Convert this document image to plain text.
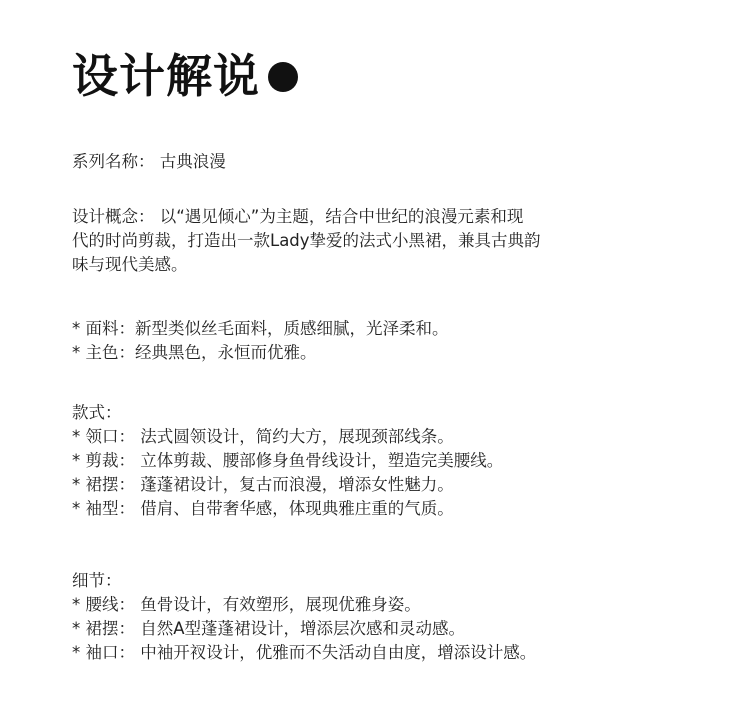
设计解说
系列名称： 古典浪漫
设计概念： 以“遇见倾心”为主题，结合中世纪的浪漫元素和现
代的时尚剪裁，打造出一款Lady挚爱的法式小黑裙，兼具古典韵
味与现代美感。
* 面料：新型类似丝毛面料，质感细腻，光泽柔和。
* 主色：经典黑色，永恒而优雅。
款式：
* 领口： 法式圆领设计，简约大方，展现颈部线条。
* 剪裁： 立体剪裁、腰部修身鱼骨线设计，塑造完美腰线。
* 裙摆： 蓬蓬裙设计，复古而浪漫，增添女性魅力。
* 袖型： 借肩、自带奢华感，体现典雅庄重的气质。
细节：
* 腰线： 鱼骨设计，有效塑形，展现优雅身姿。
* 裙摆： 自然A型蓬蓬裙设计，增添层次感和灵动感。
* 袖口： 中袖开衩设计，优雅而不失活动自由度，增添设计感。
